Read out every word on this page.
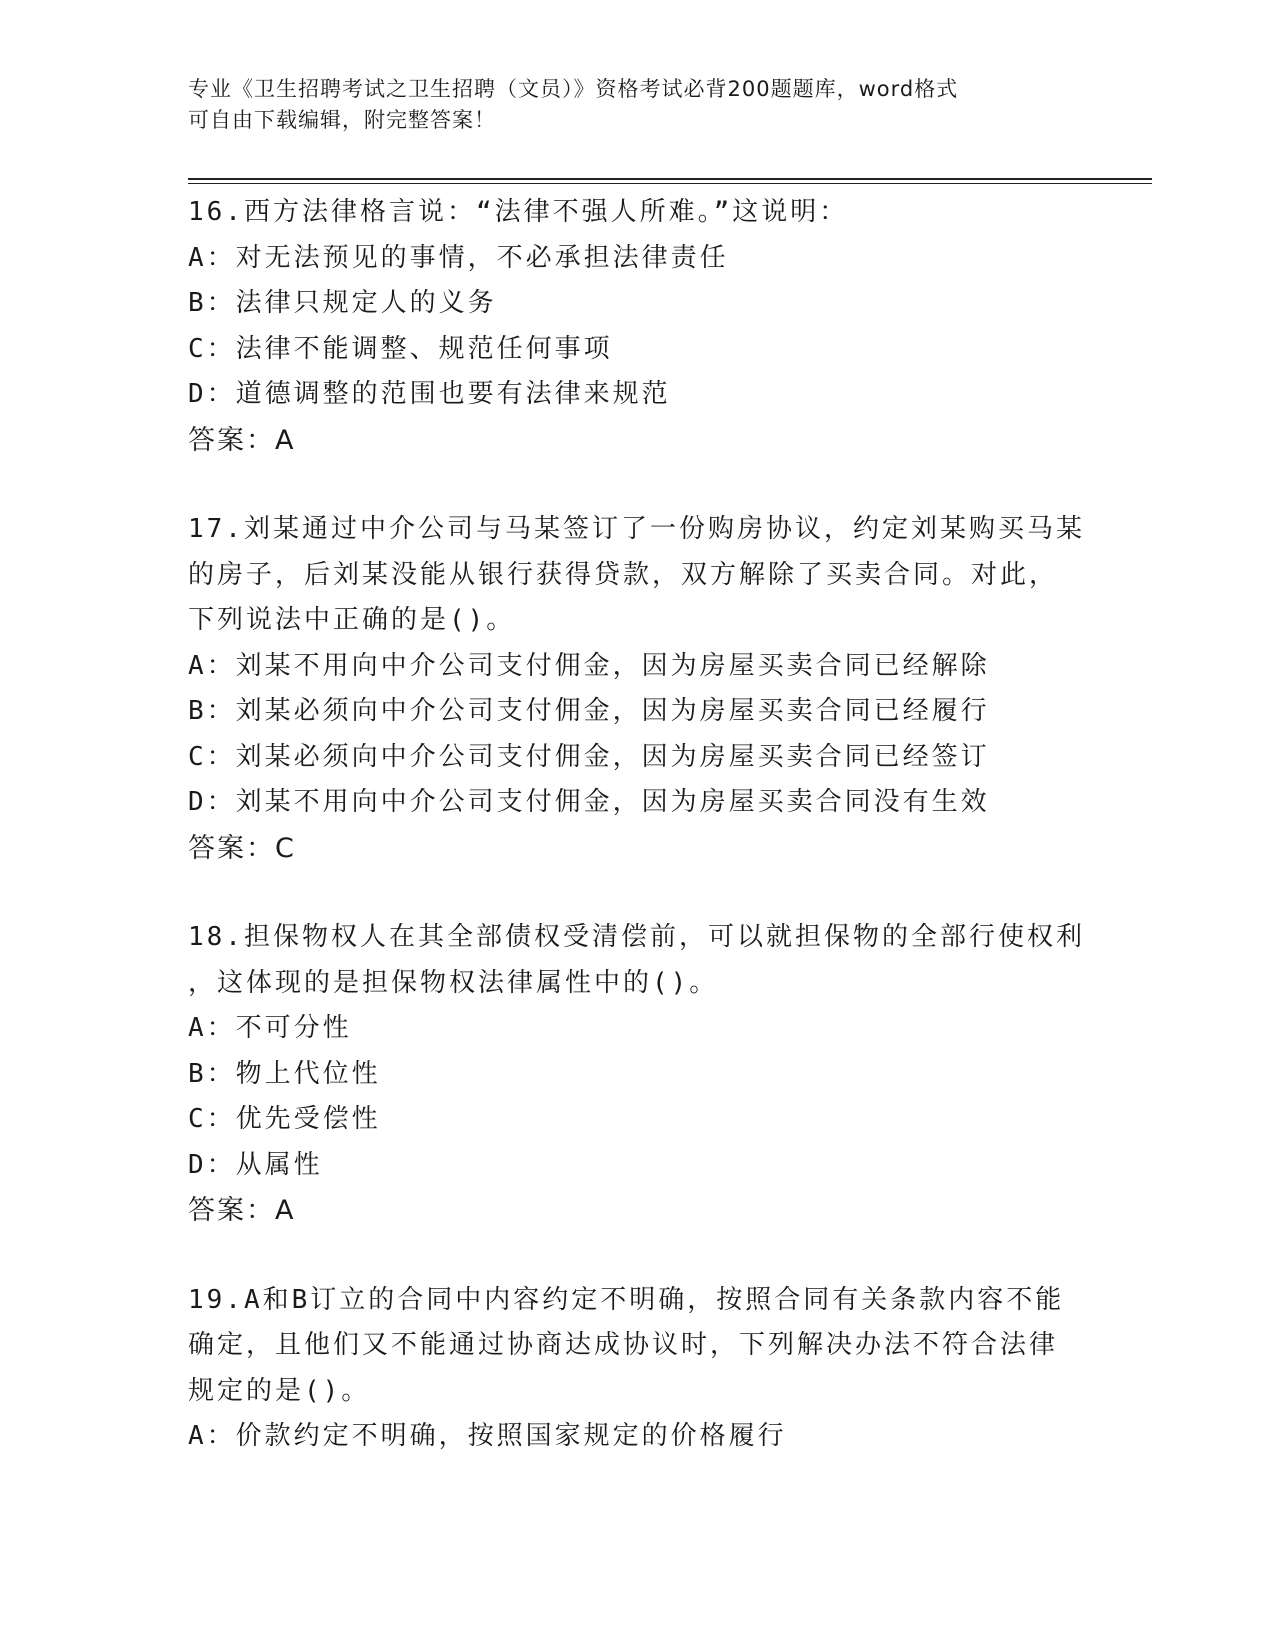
专业《卫生招聘考试之卫生招聘（文员）》资格考试必背200题题库，word格式
可自由下载编辑，附完整答案！
16.西方法律格言说：“法律不强人所难。”这说明：
A：对无法预见的事情，不必承担法律责任
B：法律只规定人的义务
C：法律不能调整、规范任何事项
D：道德调整的范围也要有法律来规范
答案：A
17.刘某通过中介公司与马某签订了一份购房协议，约定刘某购买马某
的房子，后刘某没能从银行获得贷款，双方解除了买卖合同。对此，
下列说法中正确的是()。
A：刘某不用向中介公司支付佣金，因为房屋买卖合同已经解除
B：刘某必须向中介公司支付佣金，因为房屋买卖合同已经履行
C：刘某必须向中介公司支付佣金，因为房屋买卖合同已经签订
D：刘某不用向中介公司支付佣金，因为房屋买卖合同没有生效
答案：C
18.担保物权人在其全部债权受清偿前，可以就担保物的全部行使权利
，这体现的是担保物权法律属性中的()。
A：不可分性
B：物上代位性
C：优先受偿性
D：从属性
答案：A
19.A和B订立的合同中内容约定不明确，按照合同有关条款内容不能
确定，且他们又不能通过协商达成协议时，下列解决办法不符合法律
规定的是()。
A：价款约定不明确，按照国家规定的价格履行
